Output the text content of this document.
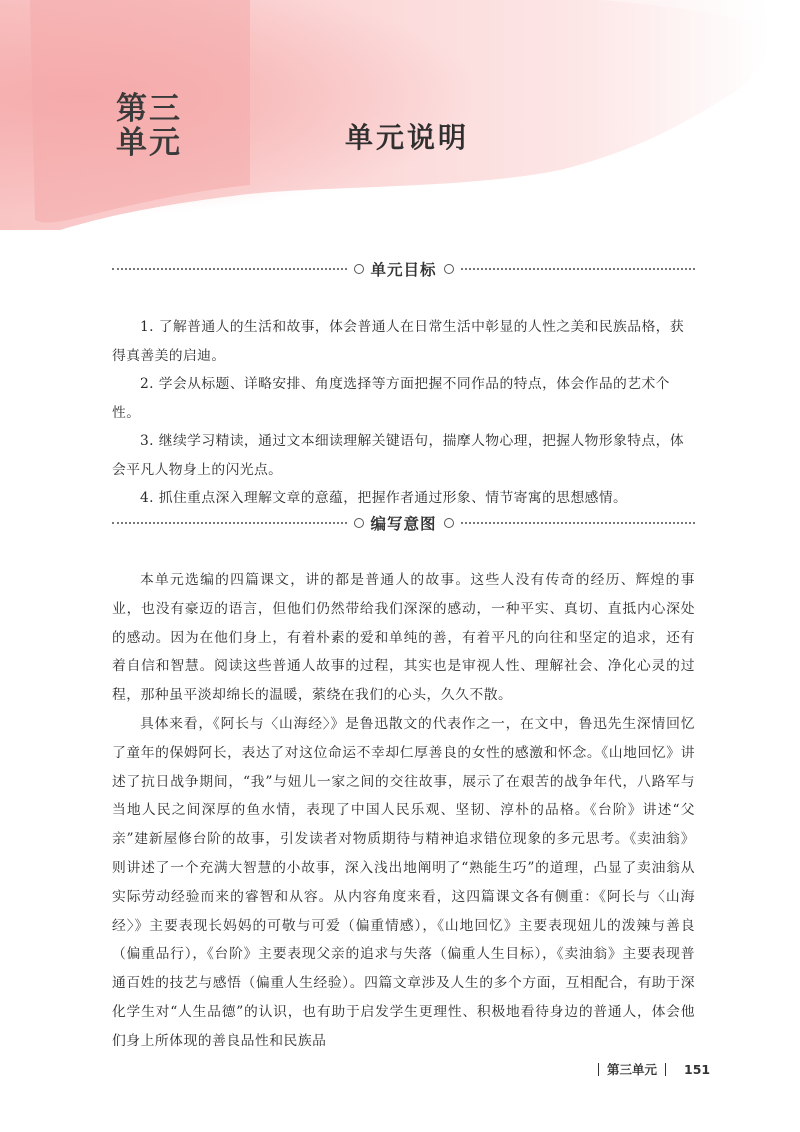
第三
单元	单元说明
单元目标

1. 了解普通人的生活和故事，体会普通人在日常生活中彰显的人性之美和民族品格，获得真善美的启迪。

2. 学会从标题、详略安排、角度选择等方面把握不同作品的特点，体会作品的艺术个性。

3. 继续学习精读，通过文本细读理解关键语句，揣摩人物心理，把握人物形象特点，体会平凡人物身上的闪光点。

4. 抓住重点深入理解文章的意蕴，把握作者通过形象、情节寄寓的思想感情。

编写意图

本单元选编的四篇课文，讲的都是普通人的故事。这些人没有传奇的经历、辉煌的事业，也没有豪迈的语言，但他们仍然带给我们深深的感动，一种平实、真切、直抵内心深处的感动。因为在他们身上，有着朴素的爱和单纯的善，有着平凡的向往和坚定的追求，还有着自信和智慧。阅读这些普通人故事的过程，其实也是审视人性、理解社会、净化心灵的过程，那种虽平淡却绵长的温暖，萦绕在我们的心头，久久不散。

具体来看，《阿长与〈山海经〉》是鲁迅散文的代表作之一，在文中，鲁迅先生深情回忆了童年的保姆阿长，表达了对这位命运不幸却仁厚善良的女性的感激和怀念。《山地回忆》讲述了抗日战争期间，“我”与妞儿一家之间的交往故事，展示了在艰苦的战争年代，八路军与当地人民之间深厚的鱼水情，表现了中国人民乐观、坚韧、淳朴的品格。《台阶》讲述“父亲”建新屋修台阶的故事，引发读者对物质期待与精神追求错位现象的多元思考。《卖油翁》则讲述了一个充满大智慧的小故事，深入浅出地阐明了“熟能生巧”的道理，凸显了卖油翁从实际劳动经验而来的睿智和从容。从内容角度来看，这四篇课文各有侧重：《阿长与〈山海经〉》主要表现长妈妈的可敬与可爱（偏重情感），《山地回忆》主要表现妞儿的泼辣与善良（偏重品行），《台阶》主要表现父亲的追求与失落（偏重人生目标），《卖油翁》主要表现普通百姓的技艺与感悟（偏重人生经验）。四篇文章涉及人生的多个方面，互相配合，有助于深化学生对“人生品德”的认识，也有助于启发学生更理性、积极地看待身边的普通人，体会他们身上所体现的善良品性和民族品

第三单元 151
